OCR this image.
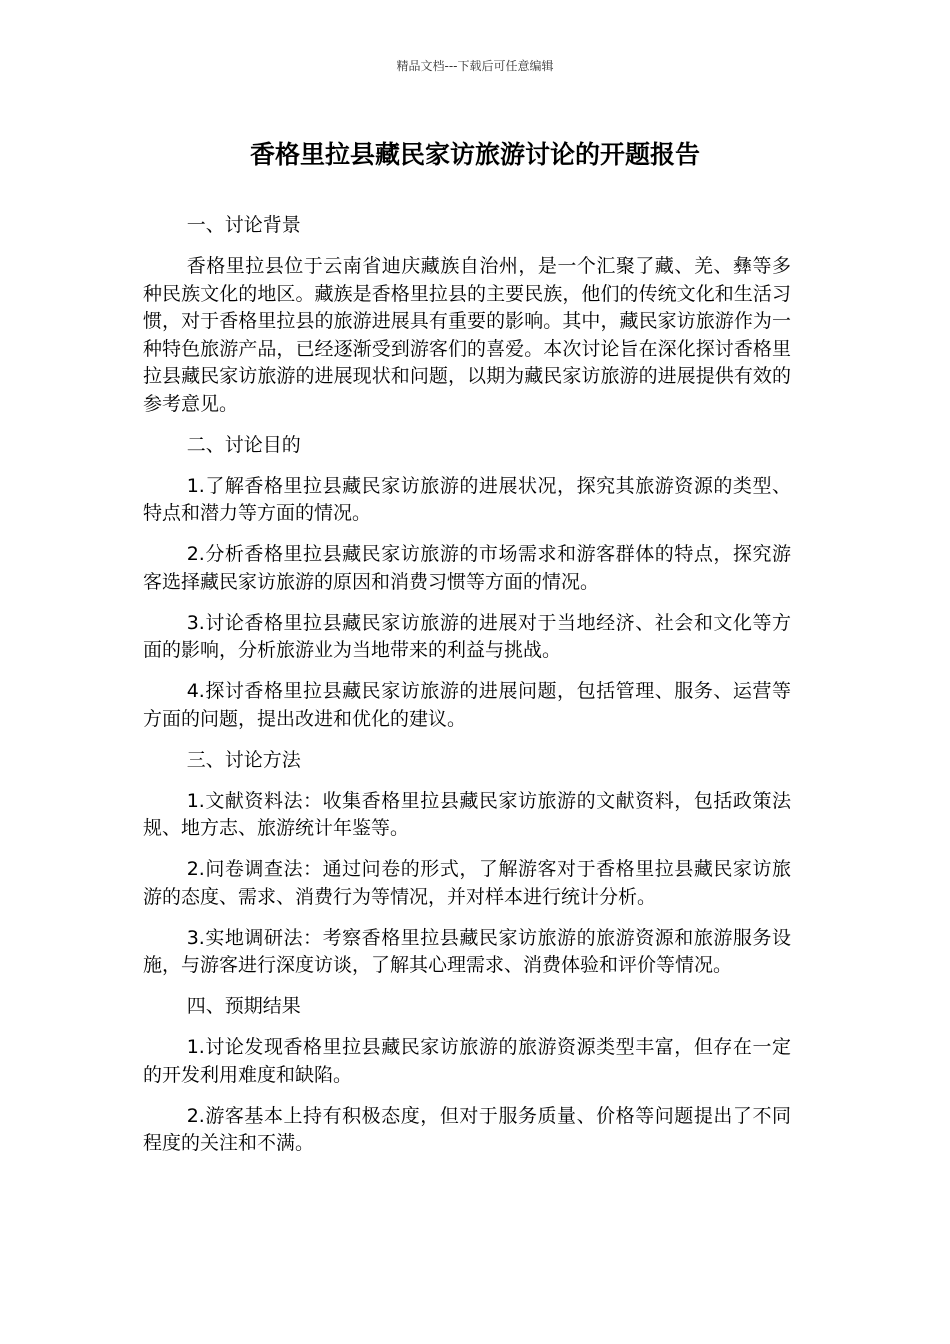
精品文档---下载后可任意编辑
香格里拉县藏民家访旅游讨论的开题报告
一、讨论背景

香格里拉县位于云南省迪庆藏族自治州，是一个汇聚了藏、羌、彝等多种民族文化的地区。藏族是香格里拉县的主要民族，他们的传统文化和生活习惯，对于香格里拉县的旅游进展具有重要的影响。其中，藏民家访旅游作为一种特色旅游产品，已经逐渐受到游客们的喜爱。本次讨论旨在深化探讨香格里拉县藏民家访旅游的进展现状和问题，以期为藏民家访旅游的进展提供有效的参考意见。

二、讨论目的

1.了解香格里拉县藏民家访旅游的进展状况，探究其旅游资源的类型、特点和潜力等方面的情况。

2.分析香格里拉县藏民家访旅游的市场需求和游客群体的特点，探究游客选择藏民家访旅游的原因和消费习惯等方面的情况。

3.讨论香格里拉县藏民家访旅游的进展对于当地经济、社会和文化等方面的影响，分析旅游业为当地带来的利益与挑战。

4.探讨香格里拉县藏民家访旅游的进展问题，包括管理、服务、运营等方面的问题，提出改进和优化的建议。

三、讨论方法

1.文献资料法：收集香格里拉县藏民家访旅游的文献资料，包括政策法规、地方志、旅游统计年鉴等。

2.问卷调查法：通过问卷的形式，了解游客对于香格里拉县藏民家访旅游的态度、需求、消费行为等情况，并对样本进行统计分析。

3.实地调研法：考察香格里拉县藏民家访旅游的旅游资源和旅游服务设施，与游客进行深度访谈，了解其心理需求、消费体验和评价等情况。

四、预期结果

1.讨论发现香格里拉县藏民家访旅游的旅游资源类型丰富，但存在一定的开发利用难度和缺陷。

2.游客基本上持有积极态度，但对于服务质量、价格等问题提出了不同程度的关注和不满。
